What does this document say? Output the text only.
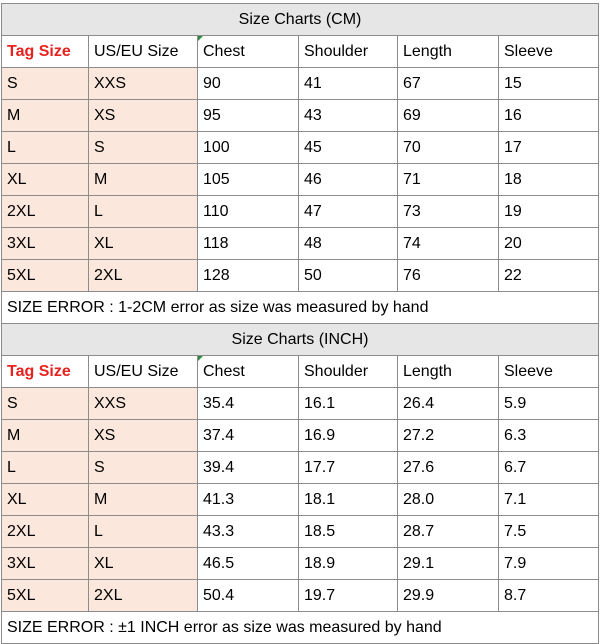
Size Charts (CM)					
Tag Size	US/EU Size	Chest	Shoulder	Length	Sleeve
S	XXS	90	41	67	15
M	XS	95	43	69	16
L	S	100	45	70	17
XL	M	105	46	71	18
2XL	L	110	47	73	19
3XL	XL	118	48	74	20
5XL	2XL	128	50	76	22
SIZE ERROR : 1-2CM error as size was measured by hand					
Size Charts (INCH)					
Tag Size	US/EU Size	Chest	Shoulder	Length	Sleeve
S	XXS	35.4	16.1	26.4	5.9
M	XS	37.4	16.9	27.2	6.3
L	S	39.4	17.7	27.6	6.7
XL	M	41.3	18.1	28.0	7.1
2XL	L	43.3	18.5	28.7	7.5
3XL	XL	46.5	18.9	29.1	7.9
5XL	2XL	50.4	19.7	29.9	8.7
SIZE ERROR : ±1 INCH error as size was measured by hand					
